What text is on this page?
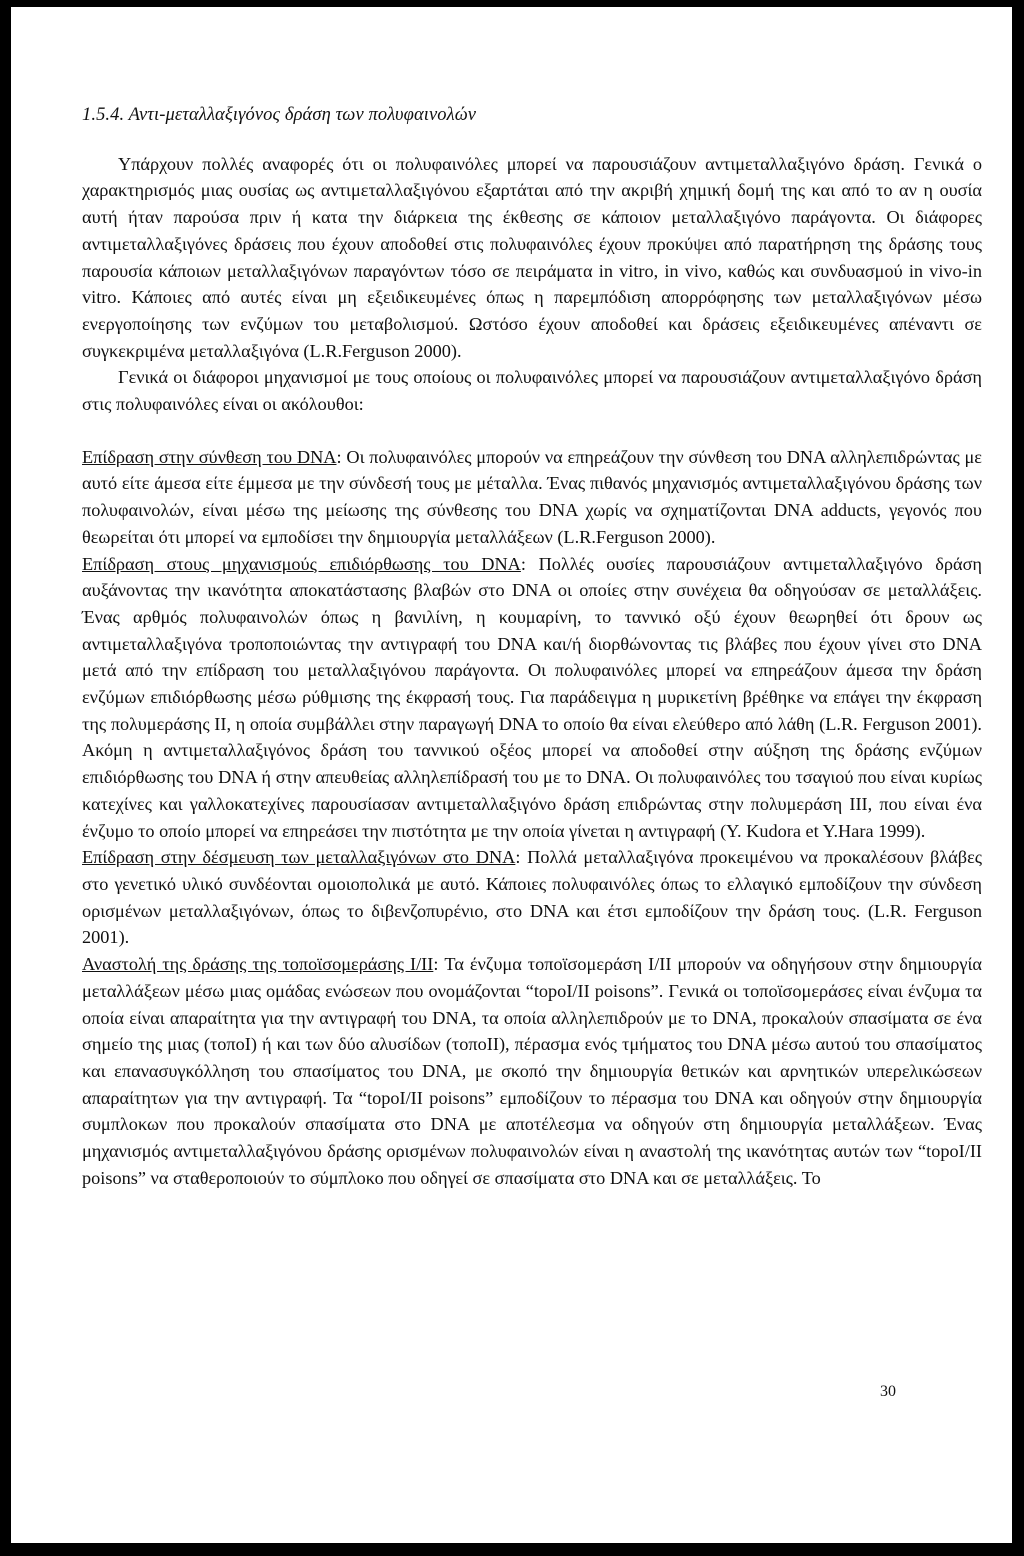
1.5.4. Αντι-μεταλλαξιγόνος δράση των πολυφαινολών

Υπάρχουν πολλές αναφορές ότι οι πολυφαινόλες μπορεί να παρουσιάζουν αντιμεταλλαξιγόνο δράση. Γενικά ο χαρακτηρισμός μιας ουσίας ως αντιμεταλλαξιγόνου εξαρτάται από την ακριβή χημική δομή της και από το αν η ουσία αυτή ήταν παρούσα πριν ή κατα την διάρκεια της έκθεσης σε κάποιον μεταλλαξιγόνο παράγοντα. Οι διάφορες αντιμεταλλαξιγόνες δράσεις που έχουν αποδοθεί στις πολυφαινόλες έχουν προκύψει από παρατήρηση της δράσης τους παρουσία κάποιων μεταλλαξιγόνων παραγόντων τόσο σε πειράματα in vitro, in vivo, καθώς και συνδυασμού in vivo-in vitro. Κάποιες από αυτές είναι μη εξειδικευμένες όπως η παρεμπόδιση απορρόφησης των μεταλλαξιγόνων μέσω ενεργοποίησης των ενζύμων του μεταβολισμού. Ωστόσο έχουν αποδοθεί και δράσεις εξειδικευμένες απέναντι σε συγκεκριμένα μεταλλαξιγόνα (L.R.Ferguson 2000).

Γενικά οι διάφοροι μηχανισμοί με τους οποίους οι πολυφαινόλες μπορεί να παρουσιάζουν αντιμεταλλαξιγόνο δράση στις πολυφαινόλες είναι οι ακόλουθοι:

Επίδραση στην σύνθεση του DNA: Οι πολυφαινόλες μπορούν να επηρεάζουν την σύνθεση του DNA αλληλεπιδρώντας με αυτό είτε άμεσα είτε έμμεσα με την σύνδεσή τους με μέταλλα. Ένας πιθανός μηχανισμός αντιμεταλλαξιγόνου δράσης των πολυφαινολών, είναι μέσω της μείωσης της σύνθεσης του DNA χωρίς να σχηματίζονται DNA adducts, γεγονός που θεωρείται ότι μπορεί να εμποδίσει την δημιουργία μεταλλάξεων (L.R.Ferguson 2000).

Επίδραση στους μηχανισμούς επιδιόρθωσης του DNA: Πολλές ουσίες παρουσιάζουν αντιμεταλλαξιγόνο δράση αυξάνοντας την ικανότητα αποκατάστασης βλαβών στο DNA οι οποίες στην συνέχεια θα οδηγούσαν σε μεταλλάξεις. Ένας αρθμός πολυφαινολών όπως η βανιλίνη, η κουμαρίνη, το ταννικό οξύ έχουν θεωρηθεί ότι δρουν ως αντιμεταλλαξιγόνα τροποποιώντας την αντιγραφή του DNA και/ή διορθώνοντας τις βλάβες που έχουν γίνει στο DNA μετά από την επίδραση του μεταλλαξιγόνου παράγοντα. Οι πολυφαινόλες μπορεί να επηρεάζουν άμεσα την δράση ενζύμων επιδιόρθωσης μέσω ρύθμισης της έκφρασή τους. Για παράδειγμα η μυρικετίνη βρέθηκε να επάγει την έκφραση της πολυμεράσης II, η οποία συμβάλλει στην παραγωγή DNA το οποίο θα είναι ελεύθερο από λάθη (L.R. Ferguson 2001). Ακόμη η αντιμεταλλαξιγόνος δράση του ταννικού οξέος μπορεί να αποδοθεί στην αύξηση της δράσης ενζύμων επιδιόρθωσης του DNA ή στην απευθείας αλληλεπίδρασή του με το DNA. Οι πολυφαινόλες του τσαγιού που είναι κυρίως κατεχίνες και γαλλοκατεχίνες παρουσίασαν αντιμεταλλαξιγόνο δράση επιδρώντας στην πολυμεράση III, που είναι ένα ένζυμο το οποίο μπορεί να επηρεάσει την πιστότητα με την οποία γίνεται η αντιγραφή (Y. Kudora et Y.Hara 1999).

Επίδραση στην δέσμευση των μεταλλαξιγόνων στο DNA: Πολλά μεταλλαξιγόνα προκειμένου να προκαλέσουν βλάβες στο γενετικό υλικό συνδέονται ομοιοπολικά με αυτό. Κάποιες πολυφαινόλες όπως το ελλαγικό εμποδίζουν την σύνδεση ορισμένων μεταλλαξιγόνων, όπως το διβενζοπυρένιο, στο DNA και έτσι εμποδίζουν την δράση τους. (L.R. Ferguson 2001).

Αναστολή της δράσης της τοποϊσομεράσης I/II: Τα ένζυμα τοποϊσομεράση I/II μπορούν να οδηγήσουν στην δημιουργία μεταλλάξεων μέσω μιας ομάδας ενώσεων που ονομάζονται “topoI/II poisons”. Γενικά οι τοποϊσομεράσες είναι ένζυμα τα οποία είναι απαραίτητα για την αντιγραφή του DNA, τα οποία αλληλεπιδρούν με το DNA, προκαλούν σπασίματα σε ένα σημείο της μιας (τοποΙ) ή και των δύο αλυσίδων (τοποΙΙ), πέρασμα ενός τμήματος του DNA μέσω αυτού του σπασίματος και επανασυγκόλληση του σπασίματος του DNA, με σκοπό την δημιουργία θετικών και αρνητικών υπερελικώσεων απαραίτητων για την αντιγραφή. Τα “topoI/II poisons” εμποδίζουν το πέρασμα του DNA και οδηγούν στην δημιουργία συμπλοκων που προκαλούν σπασίματα στο DNA με αποτέλεσμα να οδηγούν στη δημιουργία μεταλλάξεων. Ένας μηχανισμός αντιμεταλλαξιγόνου δράσης ορισμένων πολυφαινολών είναι η αναστολή της ικανότητας αυτών των “topoI/II poisons” να σταθεροποιούν το σύμπλοκο που οδηγεί σε σπασίματα στο DNA και σε μεταλλάξεις. Το

30
